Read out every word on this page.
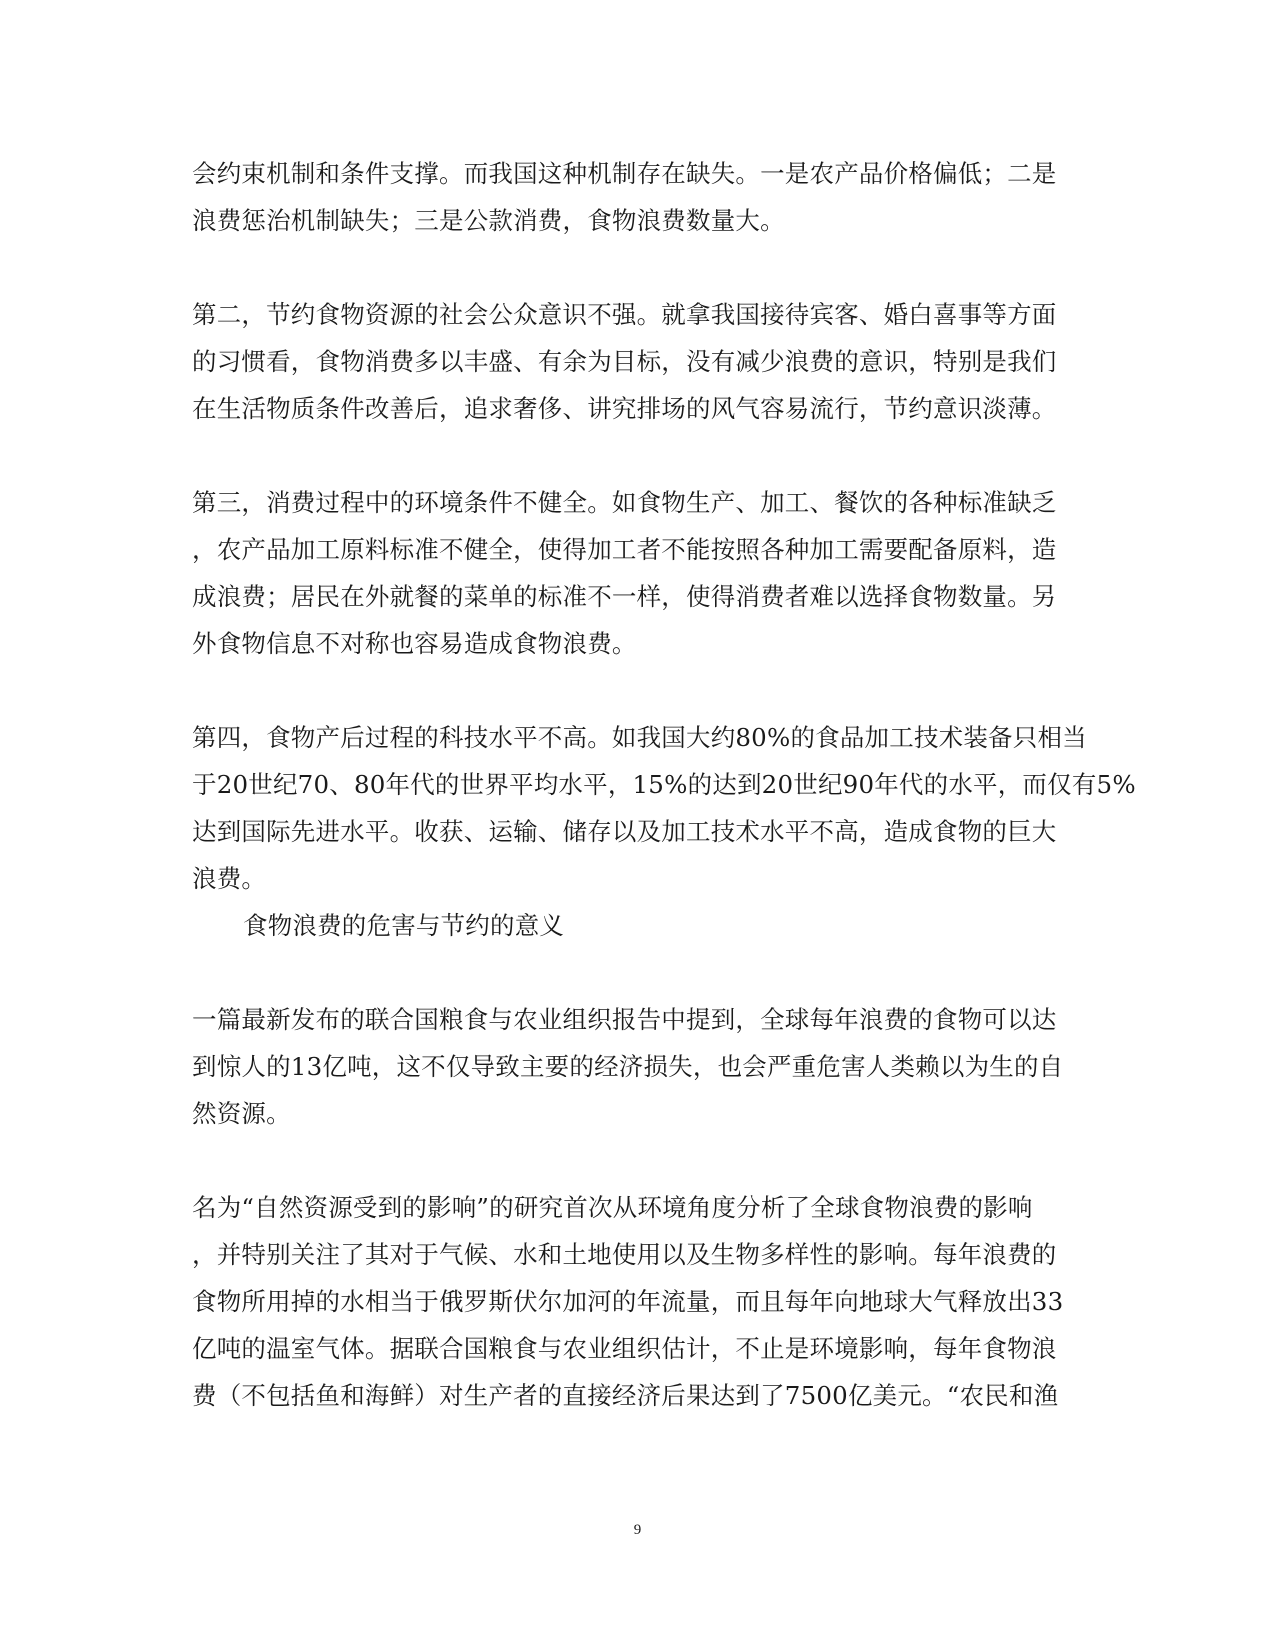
会约束机制和条件支撑。而我国这种机制存在缺失。一是农产品价格偏低；二是
浪费惩治机制缺失；三是公款消费，食物浪费数量大。
第二，节约食物资源的社会公众意识不强。就拿我国接待宾客、婚白喜事等方面
的习惯看，食物消费多以丰盛、有余为目标，没有减少浪费的意识，特别是我们
在生活物质条件改善后，追求奢侈、讲究排场的风气容易流行，节约意识淡薄。
第三，消费过程中的环境条件不健全。如食物生产、加工、餐饮的各种标准缺乏
，农产品加工原料标准不健全，使得加工者不能按照各种加工需要配备原料，造
成浪费；居民在外就餐的菜单的标准不一样，使得消费者难以选择食物数量。另
外食物信息不对称也容易造成食物浪费。
第四，食物产后过程的科技水平不高。如我国大约80%的食品加工技术装备只相当
于20世纪70、80年代的世界平均水平，15%的达到20世纪90年代的水平，而仅有5%
达到国际先进水平。收获、运输、储存以及加工技术水平不高，造成食物的巨大
浪费。
食物浪费的危害与节约的意义
一篇最新发布的联合国粮食与农业组织报告中提到，全球每年浪费的食物可以达
到惊人的13亿吨，这不仅导致主要的经济损失，也会严重危害人类赖以为生的自
然资源。
名为“自然资源受到的影响”的研究首次从环境角度分析了全球食物浪费的影响
，并特别关注了其对于气候、水和土地使用以及生物多样性的影响。每年浪费的
食物所用掉的水相当于俄罗斯伏尔加河的年流量，而且每年向地球大气释放出33
亿吨的温室气体。据联合国粮食与农业组织估计，不止是环境影响，每年食物浪
费（不包括鱼和海鲜）对生产者的直接经济后果达到了7500亿美元。“农民和渔
9
